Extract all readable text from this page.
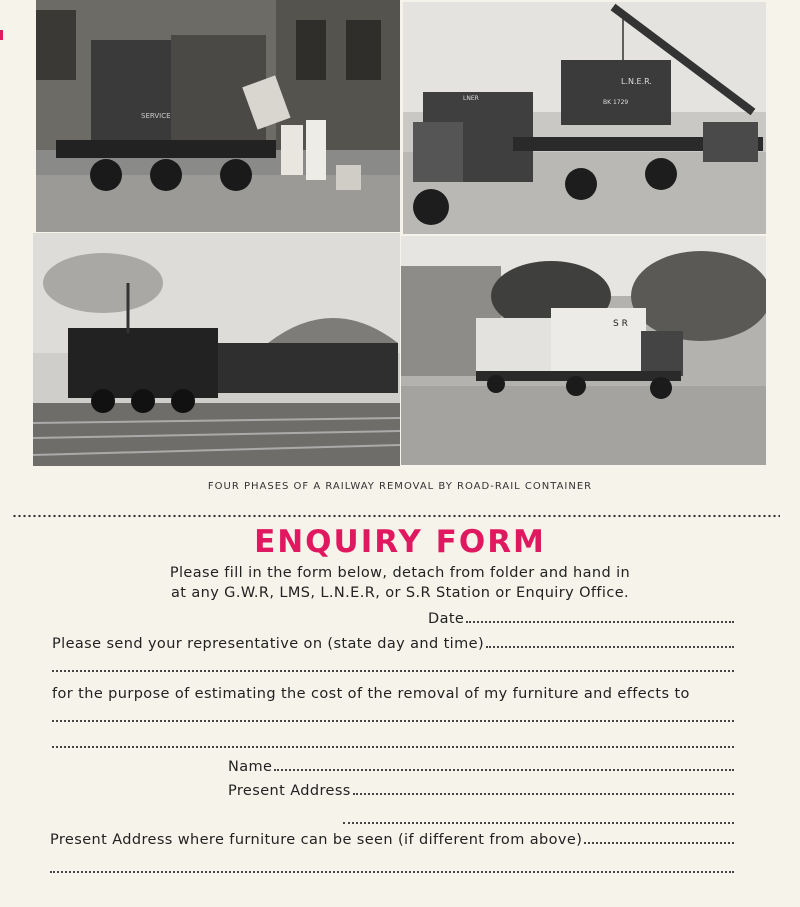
SERVICE
LNER
L.N.E.R.
BK 1729
S R
FOUR PHASES OF A RAILWAY REMOVAL BY ROAD-RAIL CONTAINER
ENQUIRY FORM
Please fill in the form below, detach from folder and hand in
at any G.W.R, LMS, L.N.E.R, or S.R Station or Enquiry Office.
Date
Please send your representative on (state day and time)
for the purpose of estimating the cost of the removal of my furniture and effects to
Name
Present Address
Present Address where furniture can be seen (if different from above)
